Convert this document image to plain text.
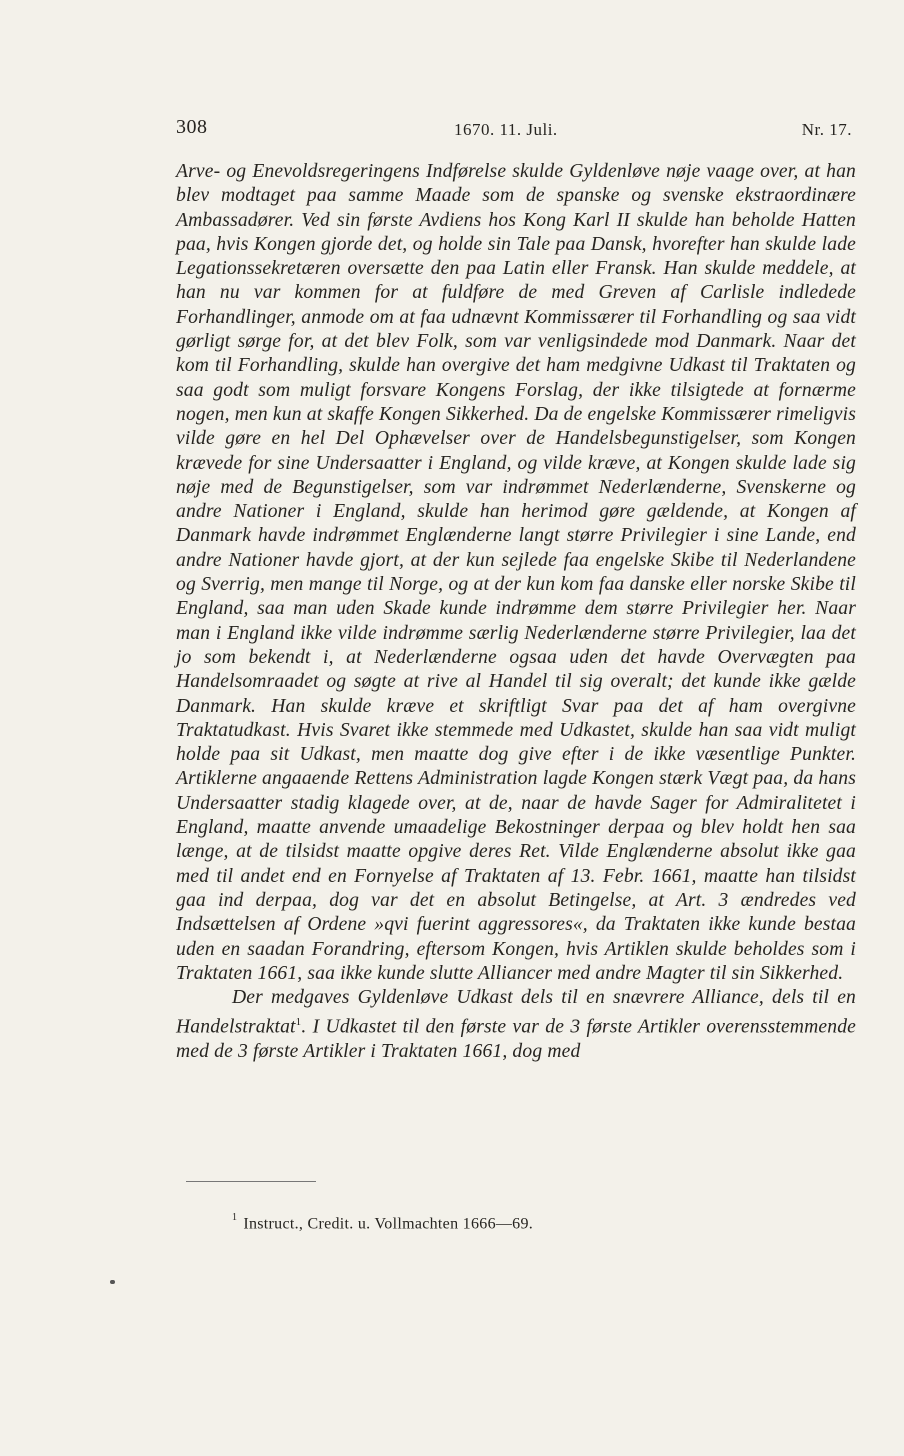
308	1670. 11. Juli.	Nr. 17.

Arve- og Enevoldsregeringens Indførelse skulde Gyldenløve nøje vaage over, at han blev modtaget paa samme Maade som de spanske og svenske ekstraordinære Ambassadører. Ved sin første Avdiens hos Kong Karl II skulde han beholde Hatten paa, hvis Kongen gjorde det, og holde sin Tale paa Dansk, hvorefter han skulde lade Legationssekretæren oversætte den paa Latin eller Fransk. Han skulde meddele, at han nu var kommen for at fuldføre de med Greven af Carlisle indledede Forhandlinger, anmode om at faa udnævnt Kommissærer til Forhandling og saa vidt gørligt sørge for, at det blev Folk, som var venligsindede mod Danmark. Naar det kom til Forhandling, skulde han overgive det ham medgivne Udkast til Traktaten og saa godt som muligt forsvare Kongens Forslag, der ikke tilsigtede at fornærme nogen, men kun at skaffe Kongen Sikkerhed. Da de engelske Kommissærer rimeligvis vilde gøre en hel Del Ophævelser over de Handelsbegunstigelser, som Kongen krævede for sine Undersaatter i England, og vilde kræve, at Kongen skulde lade sig nøje med de Begunstigelser, som var indrømmet Nederlænderne, Svenskerne og andre Nationer i England, skulde han herimod gøre gældende, at Kongen af Danmark havde indrømmet Englænderne langt større Privilegier i sine Lande, end andre Nationer havde gjort, at der kun sejlede faa engelske Skibe til Nederlandene og Sverrig, men mange til Norge, og at der kun kom faa danske eller norske Skibe til England, saa man uden Skade kunde indrømme dem større Privilegier her. Naar man i England ikke vilde indrømme særlig Nederlænderne større Privilegier, laa det jo som bekendt i, at Nederlænderne ogsaa uden det havde Overvægten paa Handelsomraadet og søgte at rive al Handel til sig overalt; det kunde ikke gælde Danmark. Han skulde kræve et skriftligt Svar paa det af ham overgivne Traktatudkast. Hvis Svaret ikke stemmede med Udkastet, skulde han saa vidt muligt holde paa sit Udkast, men maatte dog give efter i de ikke væsentlige Punkter. Artiklerne angaaende Rettens Administration lagde Kongen stærk Vægt paa, da hans Undersaatter stadig klagede over, at de, naar de havde Sager for Admiralitetet i England, maatte anvende umaadelige Bekostninger derpaa og blev holdt hen saa længe, at de tilsidst maatte opgive deres Ret. Vilde Englænderne absolut ikke gaa med til andet end en Fornyelse af Traktaten af 13. Febr. 1661, maatte han tilsidst gaa ind derpaa, dog var det en absolut Betingelse, at Art. 3 ændredes ved Indsættelsen af Ordene »qvi fuerint aggressores«, da Traktaten ikke kunde bestaa uden en saadan Forandring, eftersom Kongen, hvis Artiklen skulde beholdes som i Traktaten 1661, saa ikke kunde slutte Alliancer med andre Magter til sin Sikkerhed.

Der medgaves Gyldenløve Udkast dels til en snævrere Alliance, dels til en Handelstraktat$^1$. I Udkastet til den første var de 3 første Artikler overensstemmende med de 3 første Artikler i Traktaten 1661, dog med

$^1$ Instruct., Credit. u. Vollmachten 1666—69.
